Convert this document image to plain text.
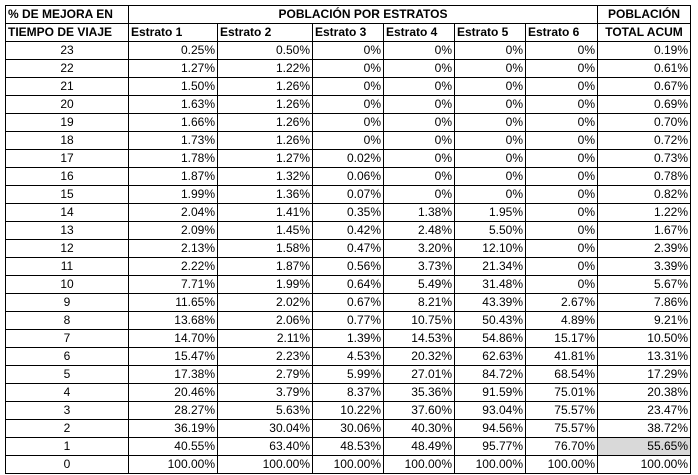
% DE MEJORA EN	POBLACIÓN POR ESTRATOS						POBLACIÓN
TIEMPO DE VIAJE	Estrato 1	Estrato 2	Estrato 3	Estrato 4	Estrato 5	Estrato 6	TOTAL ACUM
23	0.25%	0.50%	0%	0%	0%	0%	0.19%
22	1.27%	1.22%	0%	0%	0%	0%	0.61%
21	1.50%	1.26%	0%	0%	0%	0%	0.67%
20	1.63%	1.26%	0%	0%	0%	0%	0.69%
19	1.66%	1.26%	0%	0%	0%	0%	0.70%
18	1.73%	1.26%	0%	0%	0%	0%	0.72%
17	1.78%	1.27%	0.02%	0%	0%	0%	0.73%
16	1.87%	1.32%	0.06%	0%	0%	0%	0.78%
15	1.99%	1.36%	0.07%	0%	0%	0%	0.82%
14	2.04%	1.41%	0.35%	1.38%	1.95%	0%	1.22%
13	2.09%	1.45%	0.42%	2.48%	5.50%	0%	1.67%
12	2.13%	1.58%	0.47%	3.20%	12.10%	0%	2.39%
11	2.22%	1.87%	0.56%	3.73%	21.34%	0%	3.39%
10	7.71%	1.99%	0.64%	5.49%	31.48%	0%	5.67%
9	11.65%	2.02%	0.67%	8.21%	43.39%	2.67%	7.86%
8	13.68%	2.06%	0.77%	10.75%	50.43%	4.89%	9.21%
7	14.70%	2.11%	1.39%	14.53%	54.86%	15.17%	10.50%
6	15.47%	2.23%	4.53%	20.32%	62.63%	41.81%	13.31%
5	17.38%	2.79%	5.99%	27.01%	84.72%	68.54%	17.29%
4	20.46%	3.79%	8.37%	35.36%	91.59%	75.01%	20.38%
3	28.27%	5.63%	10.22%	37.60%	93.04%	75.57%	23.47%
2	36.19%	30.04%	30.06%	40.30%	94.56%	75.57%	38.72%
1	40.55%	63.40%	48.53%	48.49%	95.77%	76.70%	55.65%
0	100.00%	100.00%	100.00%	100.00%	100.00%	100.00%	100.00%
